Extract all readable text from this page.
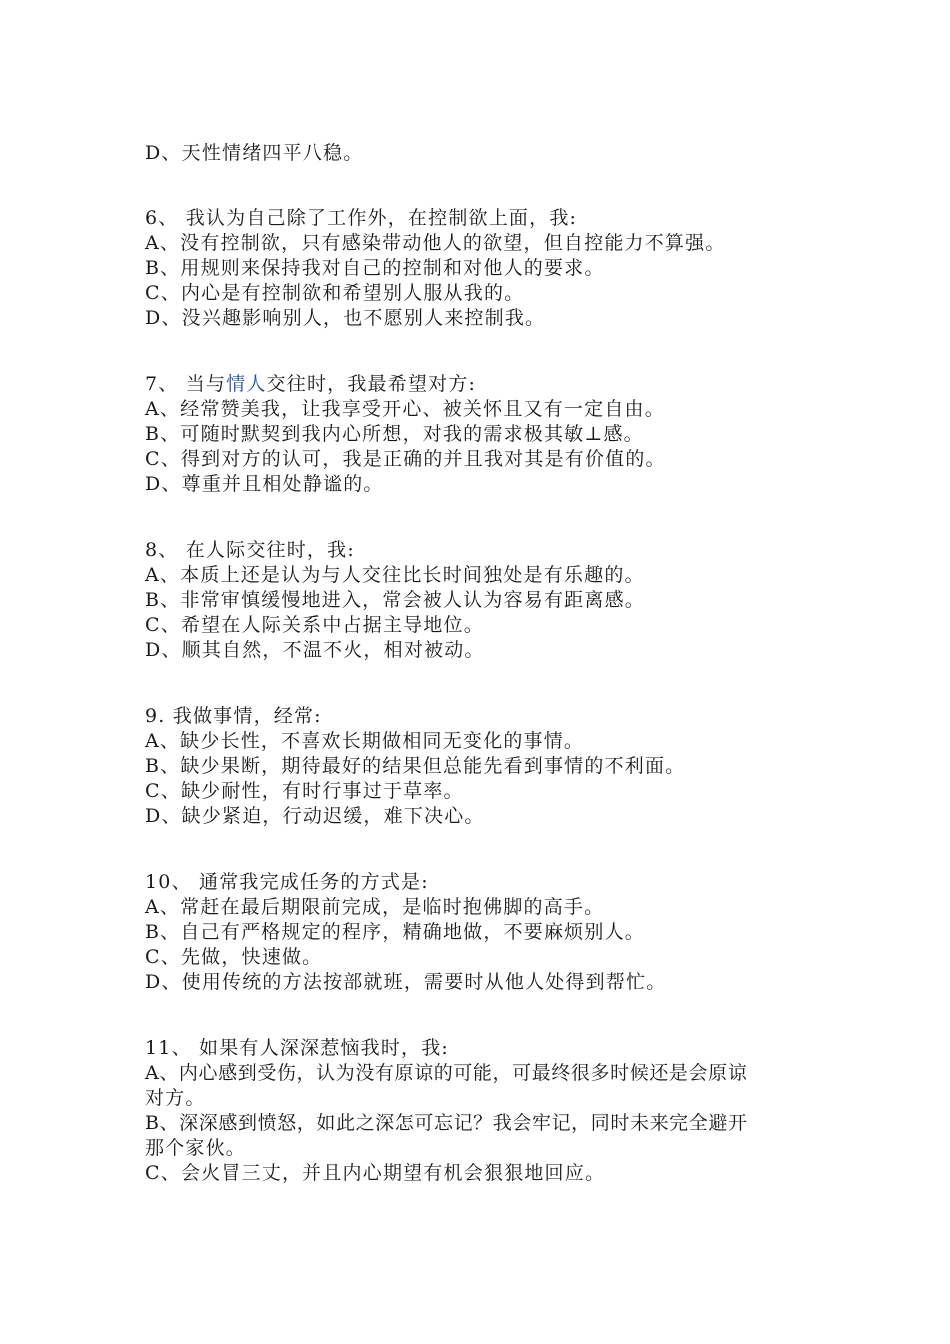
D、天性情绪四平八稳。
6、 我认为自己除了工作外，在控制欲上面，我:
A、没有控制欲，只有感染带动他人的欲望，但自控能力不算强。
B、用规则来保持我对自己的控制和对他人的要求。
C、内心是有控制欲和希望别人服从我的。
D、没兴趣影响别人，也不愿别人来控制我。
7、 当与情人交往时，我最希望对方:
A、经常赞美我，让我享受开心、被关怀且又有一定自由。
B、可随时默契到我内心所想，对我的需求极其敏⊥感。
C、得到对方的认可，我是正确的并且我对其是有价值的。
D、尊重并且相处静谧的。
8、 在人际交往时，我:
A、本质上还是认为与人交往比长时间独处是有乐趣的。
B、非常审慎缓慢地进入，常会被人认为容易有距离感。
C、希望在人际关系中占据主导地位。
D、顺其自然，不温不火，相对被动。
9. 我做事情，经常:
A、缺少长性，不喜欢长期做相同无变化的事情。
B、缺少果断，期待最好的结果但总能先看到事情的不利面。
C、缺少耐性，有时行事过于草率。
D、缺少紧迫，行动迟缓，难下决心。
10、 通常我完成任务的方式是:
A、常赶在最后期限前完成，是临时抱佛脚的高手。
B、自己有严格规定的程序，精确地做，不要麻烦别人。
C、先做，快速做。
D、使用传统的方法按部就班，需要时从他人处得到帮忙。
11、 如果有人深深惹恼我时，我:
A、内心感到受伤，认为没有原谅的可能，可最终很多时候还是会原谅
对方。
B、深深感到愤怒，如此之深怎可忘记？我会牢记，同时未来完全避开
那个家伙。
C、会火冒三丈，并且内心期望有机会狠狠地回应。
